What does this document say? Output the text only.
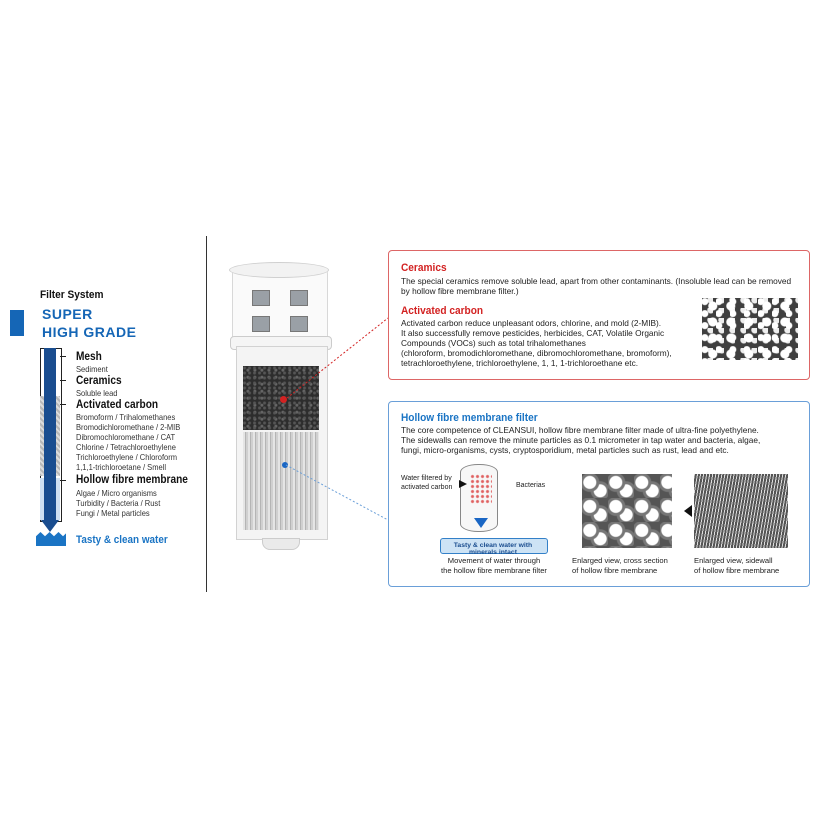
Filter System
SUPER
HIGH GRADE
Mesh
Sediment
Ceramics
Soluble lead
Activated carbon
Bromoform / Trihalomethanes
Bromodichloromethane / 2-MIB
Dibromochloromethane / CAT
Chlorine / Tetrachloroethylene
Trichloroethylene / Chloroform
1,1,1-trichloroetane / Smell
Hollow fibre membrane
Algae / Micro organisms
Turbidity / Bacteria / Rust
Fungi / Metal particles
Tasty & clean water
Ceramics
The special ceramics remove soluble lead, apart from other contaminants. (Insoluble lead can be removed by hollow fibre membrane filter.)
Activated carbon
Activated carbon reduce unpleasant odors, chlorine, and mold (2-MIB).
It also successfully remove pesticides, herbicides, CAT, Volatile Organic
Compounds (VOCs) such as total trihalomethanes
(chloroform, bromodichloromethane, dibromochloromethane, bromoform),
tetrachloroethylene, trichloroethylene, 1, 1, 1-trichloroethane etc.
Hollow fibre membrane filter
The core competence of CLEANSUI, hollow fibre membrane filter made of ultra-fine polyethylene.
The sidewalls can remove the minute particles as 0.1 micrometer in tap water and bacteria, algae,
fungi, micro-organisms, cysts, cryptosporidium, metal particles such as rust, lead and etc.
Water filtered by
activated carbon	Bacterias
Tasty & clean water with minerals intact
Movement of water through
the hollow fibre membrane filter
Enlarged view, cross section
of hollow fibre membrane
Enlarged view, sidewall
of hollow fibre membrane
